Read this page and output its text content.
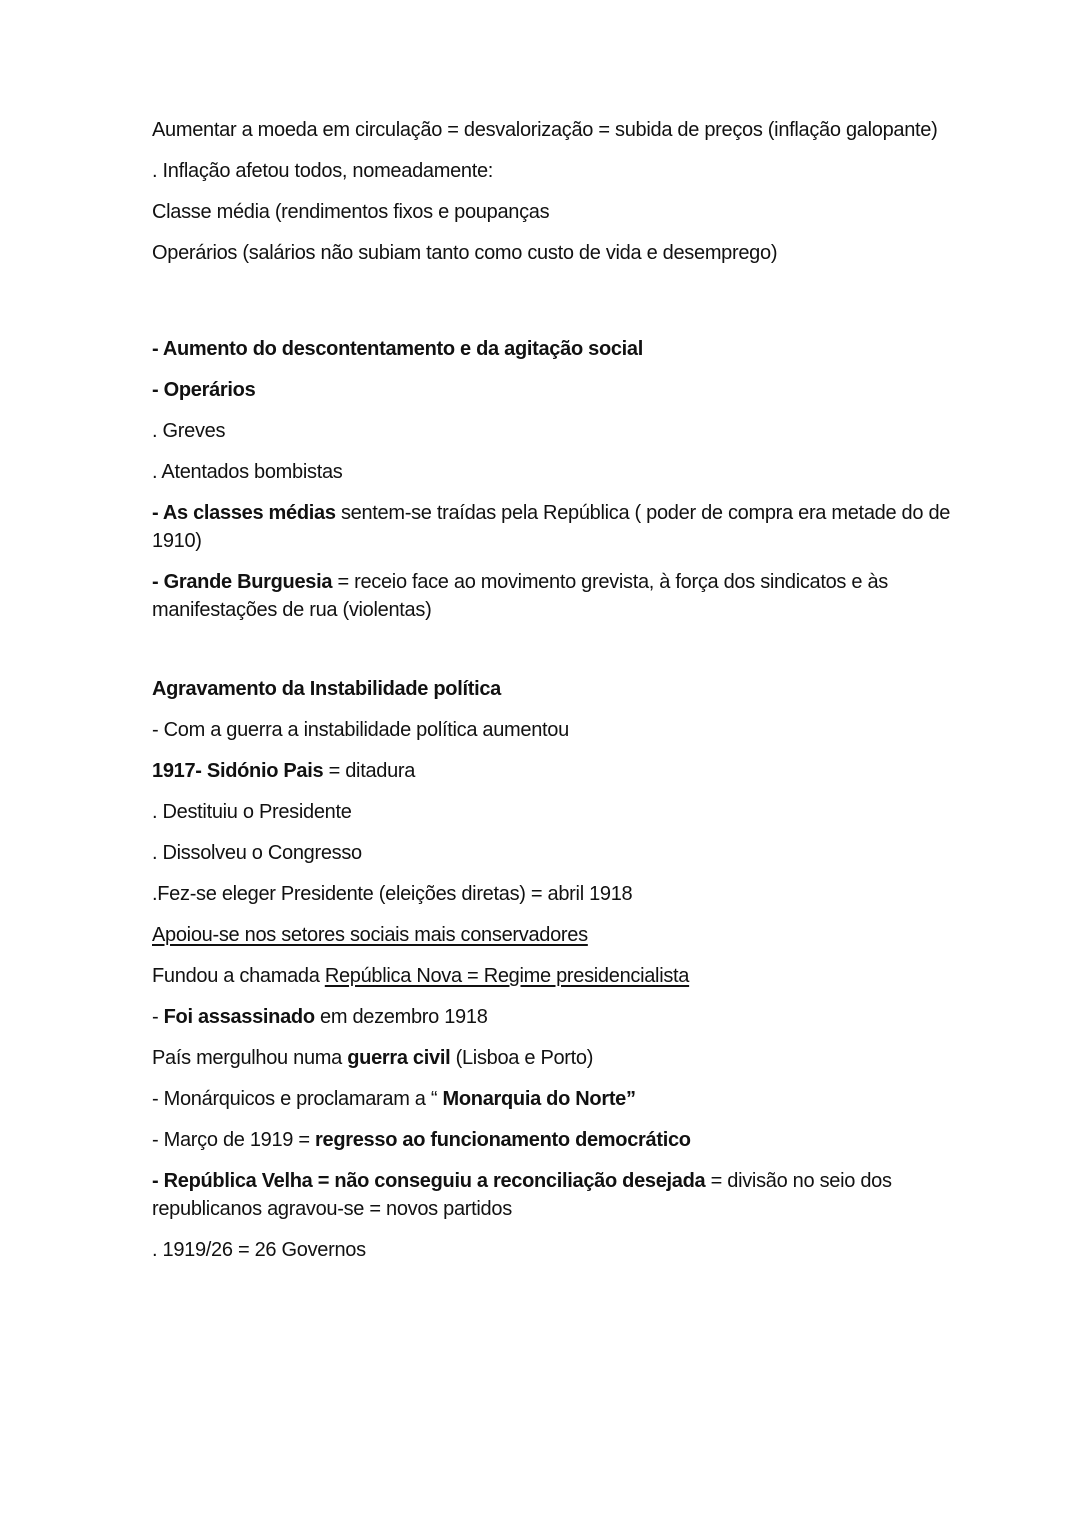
Aumentar a moeda em circulação = desvalorização = subida de preços (inflação galopante)

. Inflação afetou todos, nomeadamente:

Classe média (rendimentos fixos e poupanças

Operários (salários não subiam tanto como custo de vida e desemprego)

- Aumento do descontentamento e da agitação social

- Operários

. Greves

. Atentados bombistas

- As classes médias sentem-se traídas pela República ( poder de compra era metade do de 1910)

- Grande Burguesia = receio face ao movimento grevista, à força dos sindicatos e às manifestações de rua (violentas)

Agravamento da Instabilidade política

- Com a guerra a instabilidade política aumentou

1917- Sidónio Pais = ditadura

. Destituiu o Presidente

. Dissolveu o Congresso

.Fez-se eleger Presidente (eleições diretas) = abril 1918

Apoiou-se nos setores sociais mais conservadores

Fundou a chamada República Nova = Regime presidencialista

- Foi assassinado em dezembro 1918

País mergulhou numa guerra civil (Lisboa e Porto)

- Monárquicos e proclamaram a “ Monarquia do Norte”

- Março de 1919 = regresso ao funcionamento democrático

- República Velha = não conseguiu a reconciliação desejada = divisão no seio dos republicanos agravou-se = novos partidos

. 1919/26 = 26 Governos
